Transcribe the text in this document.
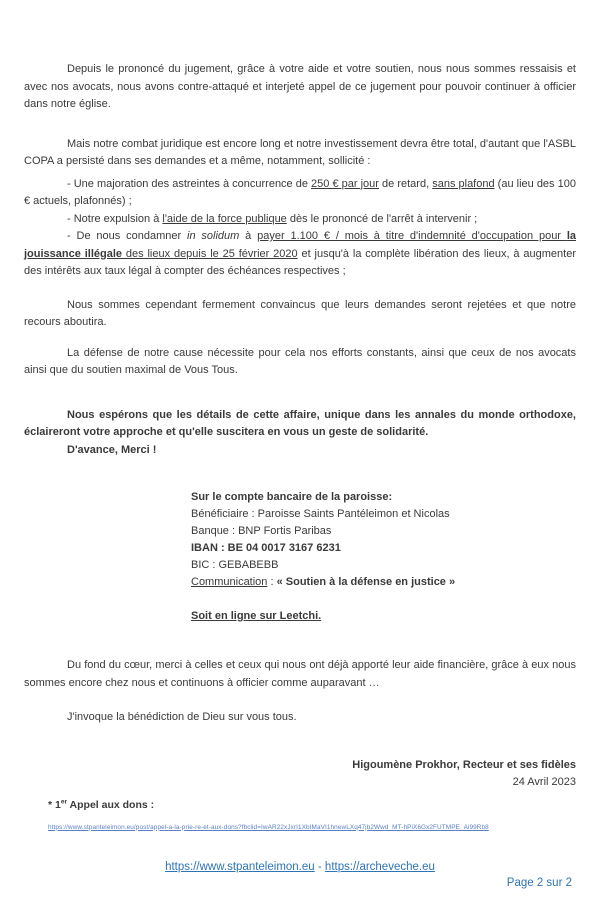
Depuis le prononcé du jugement, grâce à votre aide et votre soutien, nous nous sommes ressaisis et avec nos avocats, nous avons contre-attaqué et interjeté appel de ce jugement pour pouvoir continuer à officier dans notre église.

Mais notre combat juridique est encore long et notre investissement devra être total, d'autant que l'ASBL COPA a persisté dans ses demandes et a même, notamment, sollicité :

- Une majoration des astreintes à concurrence de 250 € par jour de retard, sans plafond (au lieu des 100 € actuels, plafonnés) ;

- Notre expulsion à l'aide de la force publique dès le prononcé de l'arrêt à intervenir ;

- De nous condamner in solidum à payer 1.100 € / mois à titre d'indemnité d'occupation pour la jouissance illégale des lieux depuis le 25 février 2020 et jusqu'à la complète libération des lieux, à augmenter des intérêts aux taux légal à compter des échéances respectives ;

Nous sommes cependant fermement convaincus que leurs demandes seront rejetées et que notre recours aboutira.

La défense de notre cause nécessite pour cela nos efforts constants, ainsi que ceux de nos avocats ainsi que du soutien maximal de Vous Tous.

Nous espérons que les détails de cette affaire, unique dans les annales du monde orthodoxe, éclaireront votre approche et qu'elle suscitera en vous un geste de solidarité.

D'avance, Merci !

Sur le compte bancaire de la paroisse:
Bénéficiaire : Paroisse Saints Pantéleimon et Nicolas
Banque : BNP Fortis Paribas
IBAN : BE 04 0017 3167 6231
BIC : GEBABEBB
Communication : « Soutien à la défense en justice »
Soit en ligne sur Leetchi.

Du fond du cœur, merci à celles et ceux qui nous ont déjà apporté leur aide financière, grâce à eux nous sommes encore chez nous et continuons à officier comme auparavant …

J'invoque la bénédiction de Dieu sur vous tous.

Higoumène Prokhor, Recteur et ses fidèles
24 Avril 2023
* 1er Appel aux dons :
https://www.stpanteleimon.eu/post/appel-a-la-prie-re-et-aux-dons?fbclid=IwAR22xJxrI1XbIMaVI1hnewLXq47jb2Wwd_MT-hPiX6Gx2FUTMPE_Ai99Rb8
https://www.stpanteleimon.eu - https://archeveche.eu
Page 2 sur 2
